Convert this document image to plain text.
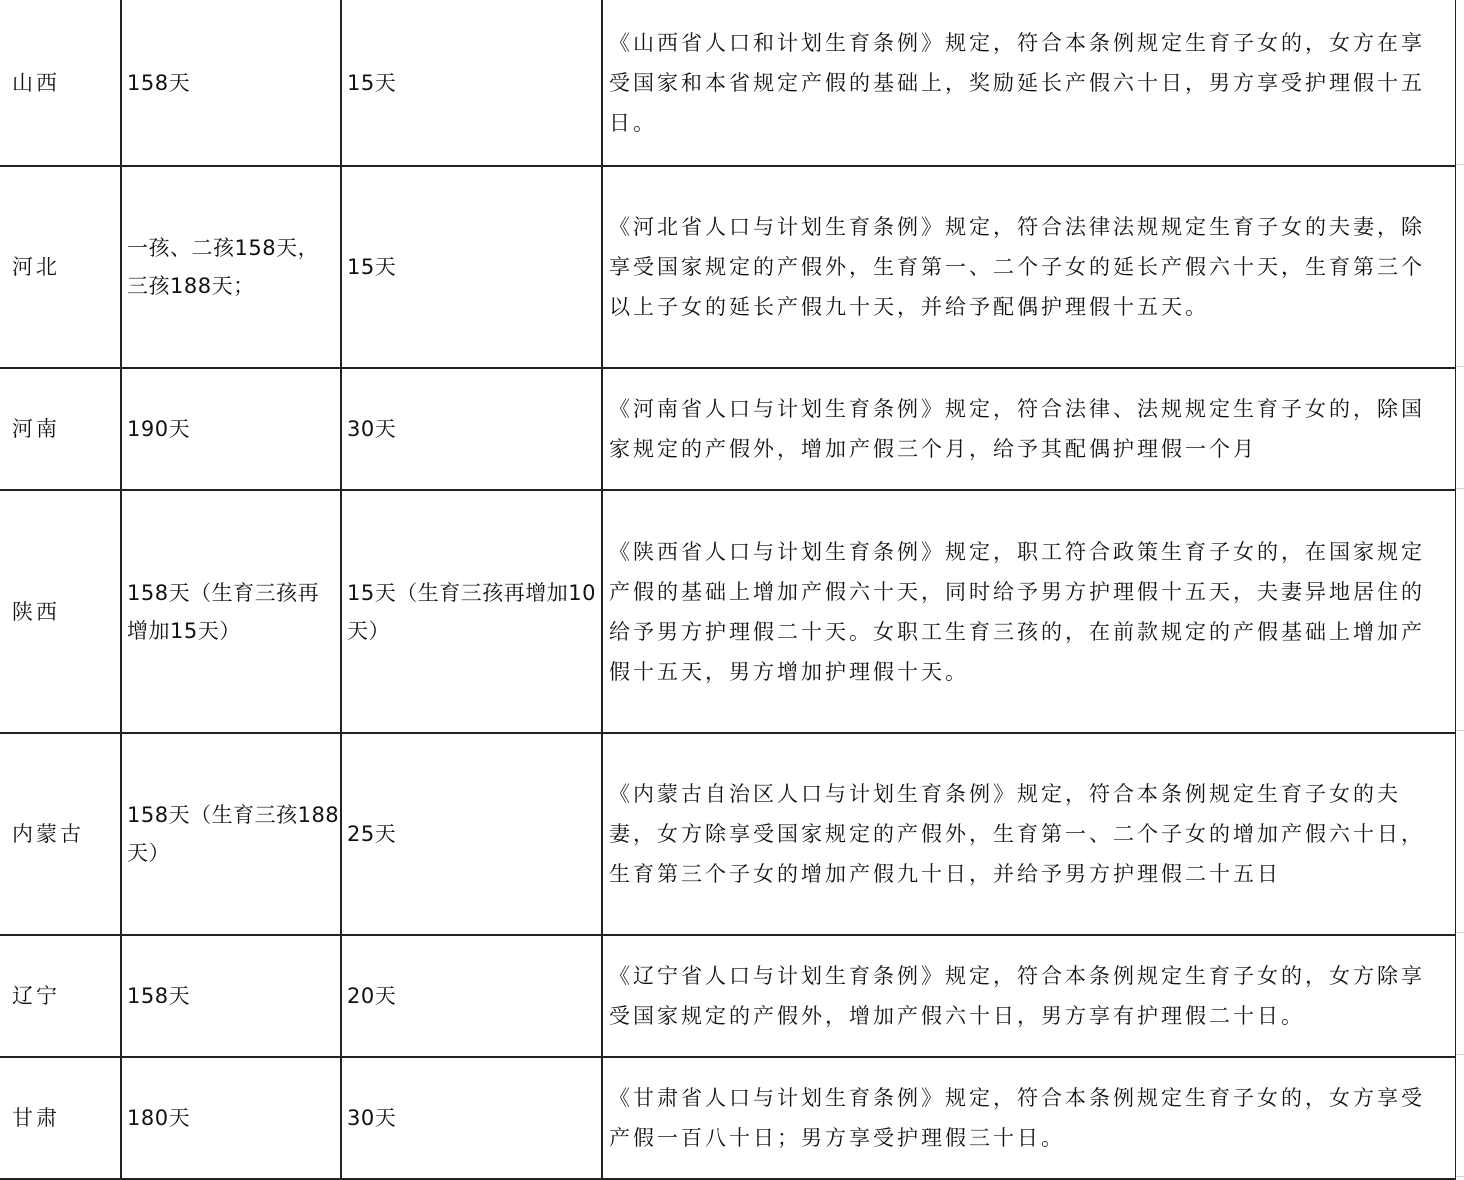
山西	158天	15天	《山西省人口和计划生育条例》规定，符合本条例规定生育子女的，女方在享受国家和本省规定产假的基础上，奖励延长产假六十日，男方享受护理假十五日。
河北	一孩、二孩158天，三孩188天；	15天	《河北省人口与计划生育条例》规定，符合法律法规规定生育子女的夫妻，除享受国家规定的产假外，生育第一、二个子女的延长产假六十天，生育第三个以上子女的延长产假九十天，并给予配偶护理假十五天。
河南	190天	30天	《河南省人口与计划生育条例》规定，符合法律、法规规定生育子女的，除国家规定的产假外，增加产假三个月，给予其配偶护理假一个月
陕西	158天（生育三孩再增加15天）	15天（生育三孩再增加10天）	《陕西省人口与计划生育条例》规定，职工符合政策生育子女的，在国家规定产假的基础上增加产假六十天，同时给予男方护理假十五天，夫妻异地居住的给予男方护理假二十天。女职工生育三孩的，在前款规定的产假基础上增加产假十五天，男方增加护理假十天。
内蒙古	158天（生育三孩188天）	25天	《内蒙古自治区人口与计划生育条例》规定，符合本条例规定生育子女的夫妻，女方除享受国家规定的产假外，生育第一、二个子女的增加产假六十日，生育第三个子女的增加产假九十日，并给予男方护理假二十五日
辽宁	158天	20天	《辽宁省人口与计划生育条例》规定，符合本条例规定生育子女的，女方除享受国家规定的产假外，增加产假六十日，男方享有护理假二十日。
甘肃	180天	30天	《甘肃省人口与计划生育条例》规定，符合本条例规定生育子女的，女方享受产假一百八十日；男方享受护理假三十日。
